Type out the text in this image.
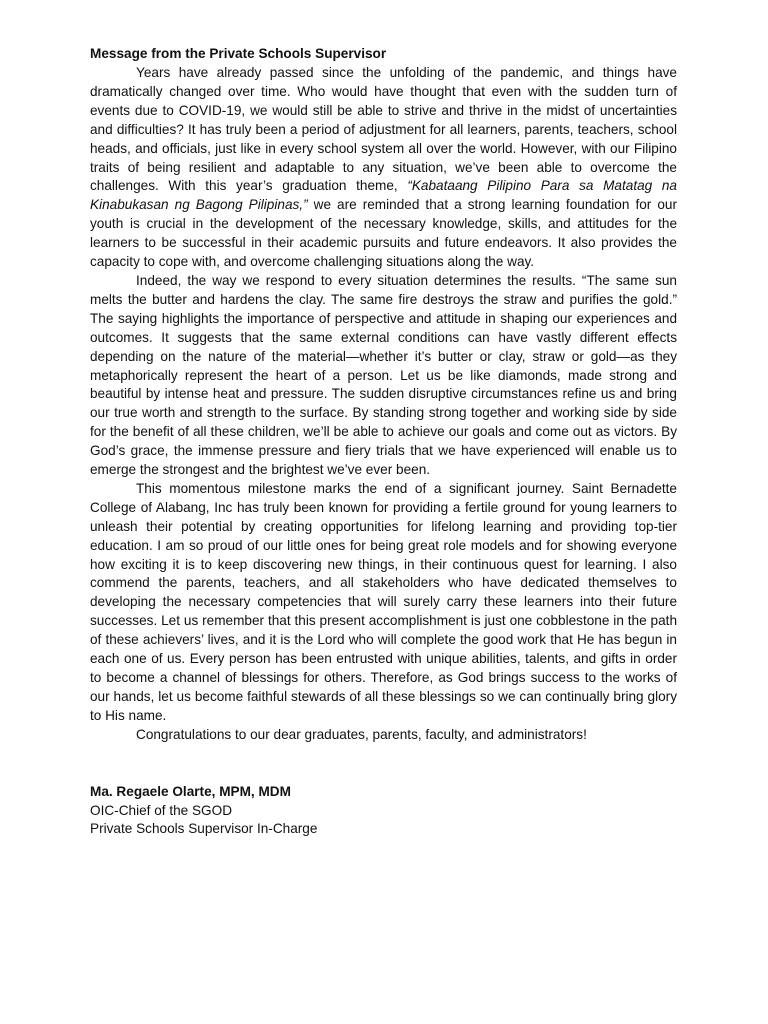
Message from the Private Schools Supervisor

Years have already passed since the unfolding of the pandemic, and things have dramatically changed over time. Who would have thought that even with the sudden turn of events due to COVID-19, we would still be able to strive and thrive in the midst of uncertainties and difficulties? It has truly been a period of adjustment for all learners, parents, teachers, school heads, and officials, just like in every school system all over the world. However, with our Filipino traits of being resilient and adaptable to any situation, we’ve been able to overcome the challenges. With this year’s graduation theme, “Kabataang Pilipino Para sa Matatag na Kinabukasan ng Bagong Pilipinas,” we are reminded that a strong learning foundation for our youth is crucial in the development of the necessary knowledge, skills, and attitudes for the learners to be successful in their academic pursuits and future endeavors. It also provides the capacity to cope with, and overcome challenging situations along the way.

Indeed, the way we respond to every situation determines the results. “The same sun melts the butter and hardens the clay. The same fire destroys the straw and purifies the gold.” The saying highlights the importance of perspective and attitude in shaping our experiences and outcomes. It suggests that the same external conditions can have vastly different effects depending on the nature of the material—whether it’s butter or clay, straw or gold—as they metaphorically represent the heart of a person. Let us be like diamonds, made strong and beautiful by intense heat and pressure. The sudden disruptive circumstances refine us and bring our true worth and strength to the surface. By standing strong together and working side by side for the benefit of all these children, we’ll be able to achieve our goals and come out as victors. By God’s grace, the immense pressure and fiery trials that we have experienced will enable us to emerge the strongest and the brightest we’ve ever been.

This momentous milestone marks the end of a significant journey. Saint Bernadette College of Alabang, Inc has truly been known for providing a fertile ground for young learners to unleash their potential by creating opportunities for lifelong learning and providing top-tier education. I am so proud of our little ones for being great role models and for showing everyone how exciting it is to keep discovering new things, in their continuous quest for learning. I also commend the parents, teachers, and all stakeholders who have dedicated themselves to developing the necessary competencies that will surely carry these learners into their future successes. Let us remember that this present accomplishment is just one cobblestone in the path of these achievers’ lives, and it is the Lord who will complete the good work that He has begun in each one of us. Every person has been entrusted with unique abilities, talents, and gifts in order to become a channel of blessings for others. Therefore, as God brings success to the works of our hands, let us become faithful stewards of all these blessings so we can continually bring glory to His name.

Congratulations to our dear graduates, parents, faculty, and administrators!

Ma. Regaele Olarte, MPM, MDM
OIC-Chief of the SGOD
Private Schools Supervisor In-Charge
